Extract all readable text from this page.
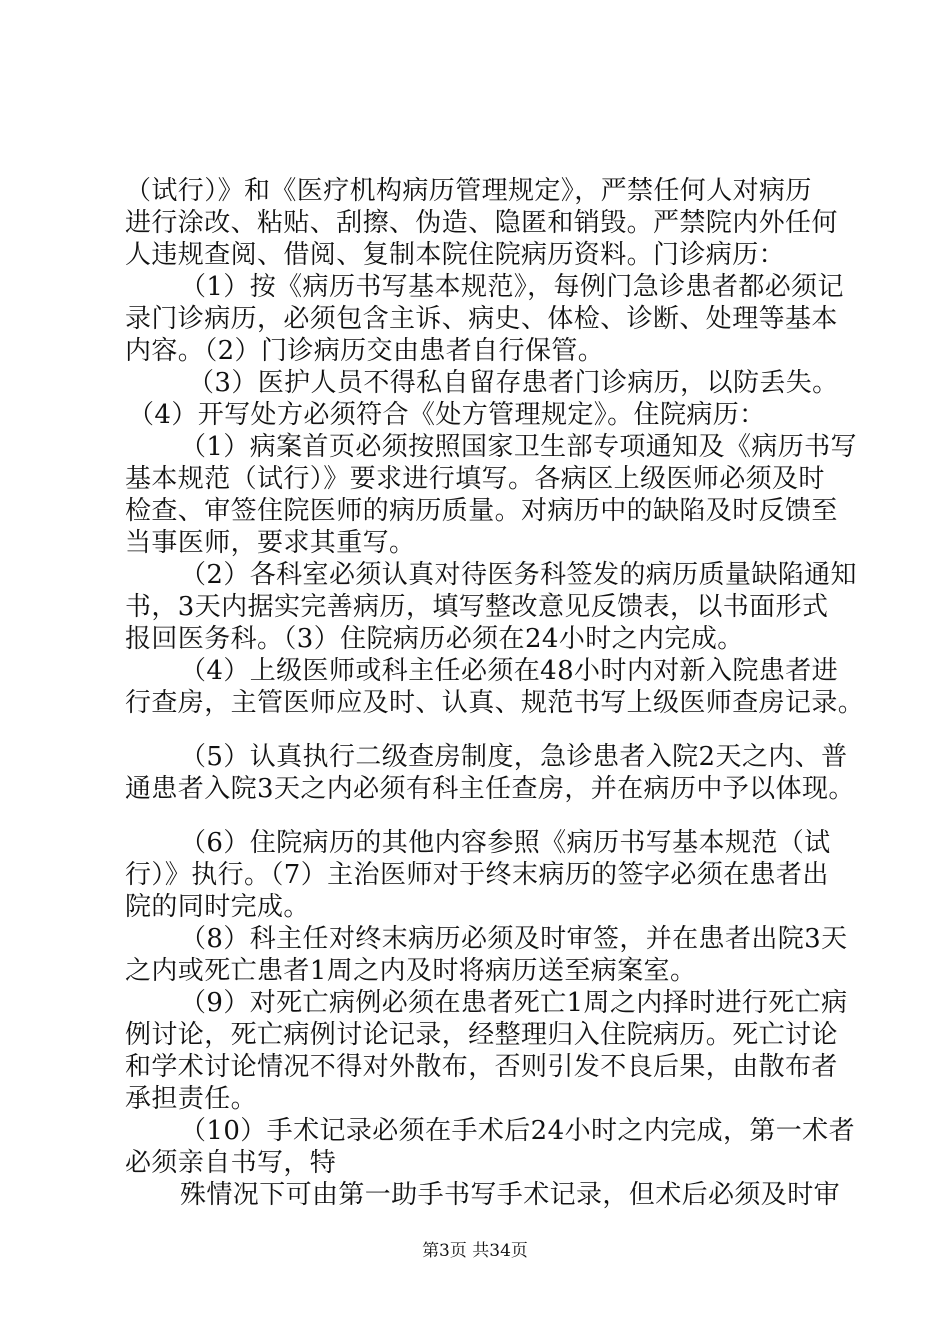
（试行）》和《医疗机构病历管理规定》，严禁任何人对病历
进行涂改、粘贴、刮擦、伪造、隐匿和销毁。严禁院内外任何
人违规查阅、借阅、复制本院住院病历资料。门诊病历：
（1）按《病历书写基本规范》，每例门急诊患者都必须记
录门诊病历，必须包含主诉、病史、体检、诊断、处理等基本
内容。（2）门诊病历交由患者自行保管。
（3）医护人员不得私自留存患者门诊病历，以防丢失。
（4）开写处方必须符合《处方管理规定》。住院病历：
（1）病案首页必须按照国家卫生部专项通知及《病历书写
基本规范（试行）》要求进行填写。各病区上级医师必须及时
检查、审签住院医师的病历质量。对病历中的缺陷及时反馈至
当事医师，要求其重写。
（2）各科室必须认真对待医务科签发的病历质量缺陷通知
书，3天内据实完善病历，填写整改意见反馈表，以书面形式
报回医务科。（3）住院病历必须在24小时之内完成。
（4）上级医师或科主任必须在48小时内对新入院患者进
行查房，主管医师应及时、认真、规范书写上级医师查房记录。
（5）认真执行二级查房制度，急诊患者入院2天之内、普
通患者入院3天之内必须有科主任查房，并在病历中予以体现。
（6）住院病历的其他内容参照《病历书写基本规范（试
行）》执行。（7）主治医师对于终末病历的签字必须在患者出
院的同时完成。
（8）科主任对终末病历必须及时审签，并在患者出院3天
之内或死亡患者1周之内及时将病历送至病案室。
（9）对死亡病例必须在患者死亡1周之内择时进行死亡病
例讨论，死亡病例讨论记录，经整理归入住院病历。死亡讨论
和学术讨论情况不得对外散布，否则引发不良后果，由散布者
承担责任。
（10）手术记录必须在手术后24小时之内完成，第一术者
必须亲自书写，特
殊情况下可由第一助手书写手术记录，但术后必须及时审
第3页 共34页
